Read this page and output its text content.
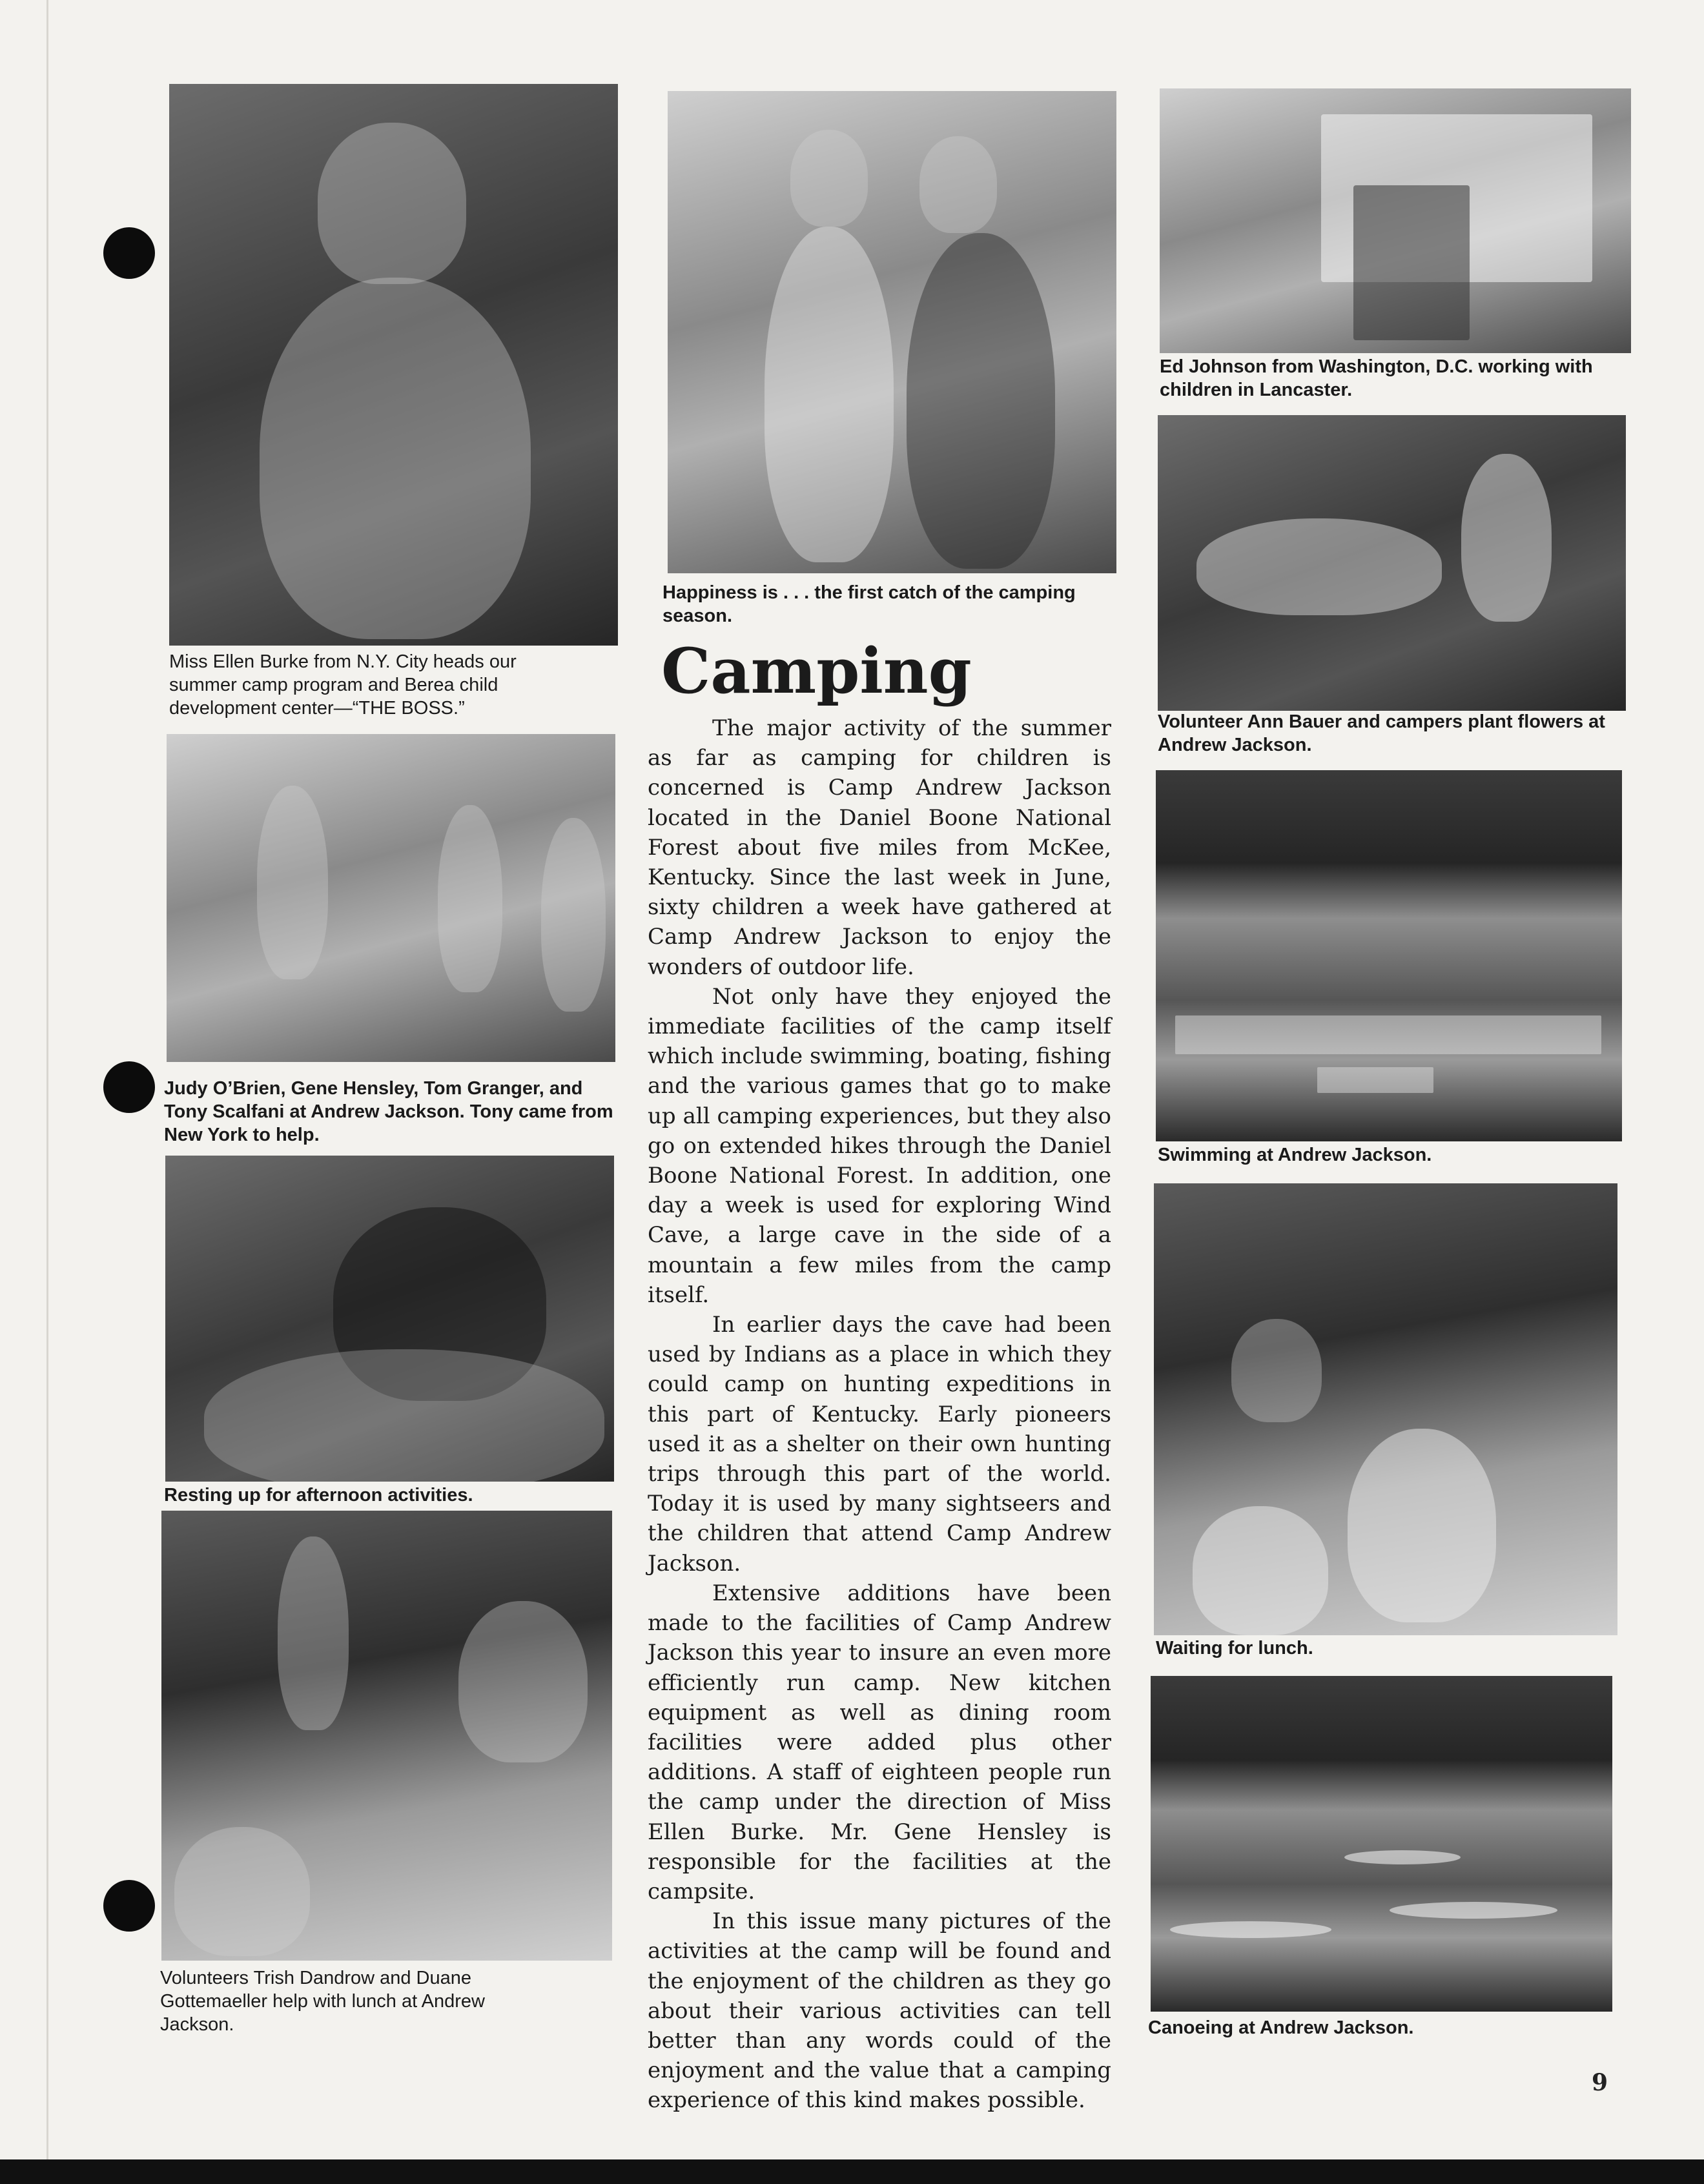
Miss Ellen Burke from N.Y. City heads our summer camp program and Berea child development center—“THE BOSS.”
Judy O’Brien, Gene Hensley, Tom Granger, and Tony Scalfani at Andrew Jackson. Tony came from New York to help.
Resting up for afternoon activities.
Volunteers Trish Dandrow and Duane Gottemaeller help with lunch at Andrew Jackson.
Happiness is . . . the first catch of the camping season.
Camping

The major activity of the summer as far as camping for children is concerned is Camp Andrew Jackson located in the Daniel Boone National Forest about five miles from McKee, Kentucky. Since the last week in June, sixty children a week have gathered at Camp Andrew Jackson to enjoy the wonders of outdoor life.

Not only have they enjoyed the immediate facilities of the camp itself which include swimming, boating, fishing and the various games that go to make up all camping experiences, but they also go on extended hikes through the Daniel Boone National Forest. In addition, one day a week is used for exploring Wind Cave, a large cave in the side of a mountain a few miles from the camp itself.

In earlier days the cave had been used by Indians as a place in which they could camp on hunting expeditions in this part of Kentucky. Early pioneers used it as a shelter on their own hunting trips through this part of the world. Today it is used by many sightseers and the children that attend Camp Andrew Jackson.

Extensive additions have been made to the facilities of Camp Andrew Jackson this year to insure an even more efficiently run camp. New kitchen equipment as well as dining room facilities were added plus other additions. A staff of eighteen people run the camp under the direction of Miss Ellen Burke. Mr. Gene Hensley is responsible for the facilities at the campsite.

In this issue many pictures of the activities at the camp will be found and the enjoyment of the children as they go about their various activities can tell better than any words could of the enjoyment and the value that a camping experience of this kind makes possible.

Ed Johnson from Washington, D.C. working with children in Lancaster.
Volunteer Ann Bauer and campers plant flowers at Andrew Jackson.
Swimming at Andrew Jackson.
Waiting for lunch.
Canoeing at Andrew Jackson.
9
